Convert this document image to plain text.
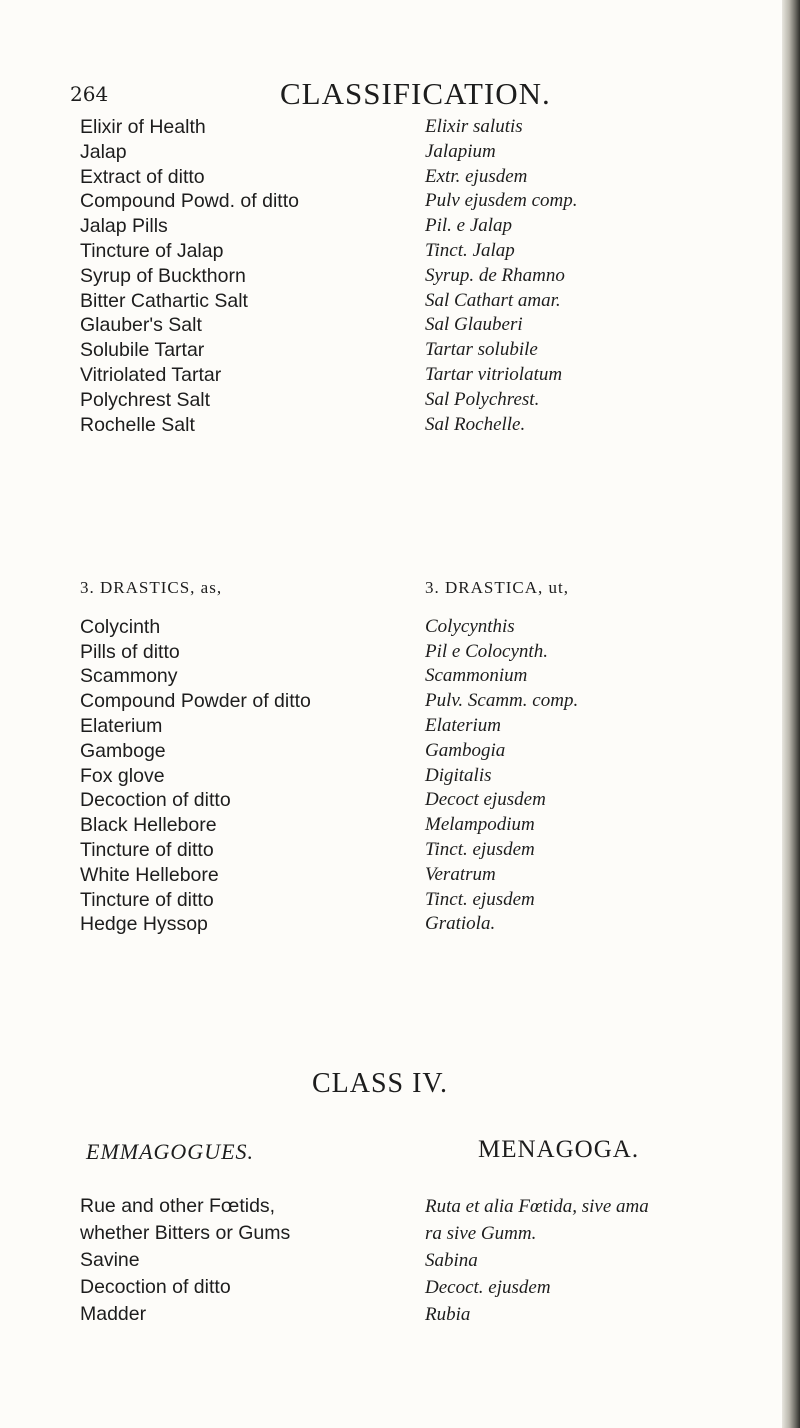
264	CLASSIFICATION.
Elixir of Health
Jalap
Extract of ditto
Compound Powd. of ditto
Jalap Pills
Tincture of Jalap
Syrup of Buckthorn
Bitter Cathartic Salt
Glauber's Salt
Solubile Tartar
Vitriolated Tartar
Polychrest Salt
Rochelle Salt
Elixir salutis
Jalapium
Extr. ejusdem
Pulv ejusdem comp.
Pil. e Jalap
Tinct. Jalap
Syrup. de Rhamno
Sal Cathart amar.
Sal Glauberi
Tartar solubile
Tartar vitriolatum
Sal Polychrest.
Sal Rochelle.
3. DRASTICS, as,
Colycinth
Pills of ditto
Scammony
Compound Powder of ditto
Elaterium
Gamboge
Fox glove
Decoction of ditto
Black Hellebore
Tincture of ditto
White Hellebore
Tincture of ditto
Hedge Hyssop
3. DRASTICA, ut,
Colycynthis
Pil e Colocynth.
Scammonium
Pulv. Scamm. comp.
Elaterium
Gambogia
Digitalis
Decoct ejusdem
Melampodium
Tinct. ejusdem
Veratrum
Tinct. ejusdem
Gratiola.
CLASS IV.
EMMAGOGUES.	MENAGOGA.
Rue and other Fœtids,
whether Bitters or Gums
Savine
Decoction of ditto
Madder
Ruta et alia Fœtida, sive ama
ra sive Gumm.
Sabina
Decoct. ejusdem
Rubia
